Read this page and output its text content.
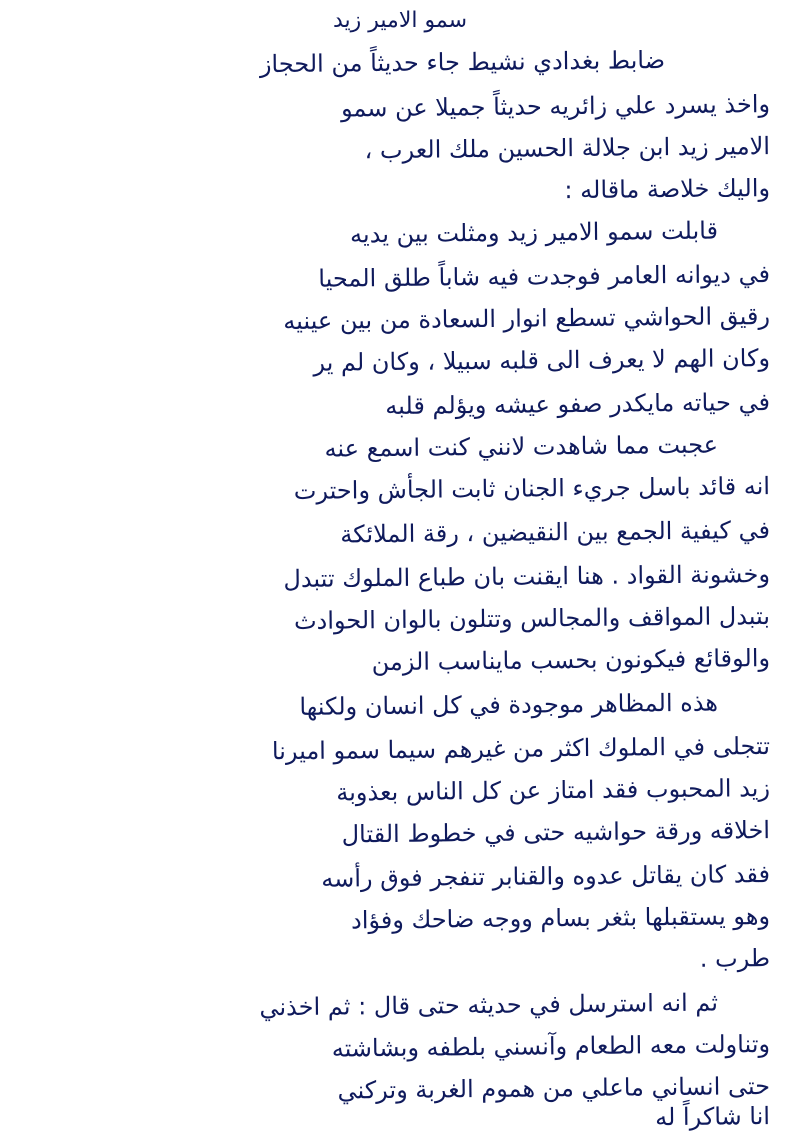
سمو الامير زيد
ضابط بغدادي نشيط جاء حديثاً من الحجاز
واخذ يسرد علي زائريه حديثاً جميلا عن سمو
الامير زيد ابن جلالة الحسين ملك العرب ،
واليك خلاصة ماقاله :
قابلت سمو الامير زيد ومثلت بين يديه
في ديوانه العامر فوجدت فيه شاباً طلق المحيا
رقيق الحواشي تسطع انوار السعادة من بين عينيه
وكان الهم لا يعرف الى قلبه سبيلا ، وكان لم ير
في حياته مايكدر صفو عيشه ويؤلم قلبه
عجبت مما شاهدت لانني كنت اسمع عنه
انه قائد باسل جريء الجنان ثابت الجأش واحترت
في كيفية الجمع بين النقيضين ، رقة الملائكة
وخشونة القواد . هنا ايقنت بان طباع الملوك تتبدل
بتبدل المواقف والمجالس وتتلون بالوان الحوادث
والوقائع فيكونون بحسب مايناسب الزمن
هذه المظاهر موجودة في كل انسان ولكنها
تتجلى في الملوك اكثر من غيرهم سيما سمو اميرنا
زيد المحبوب فقد امتاز عن كل الناس بعذوبة
اخلاقه ورقة حواشيه حتى في خطوط القتال
فقد كان يقاتل عدوه والقنابر تنفجر فوق رأسه
وهو يستقبلها بثغر بسام ووجه ضاحك وفؤاد
طرب .
ثم انه استرسل في حديثه حتى قال : ثم اخذني
وتناولت معه الطعام وآنسني بلطفه وبشاشته
حتى انساني ماعلي من هموم الغربة وتركني
انا شاكراً له
